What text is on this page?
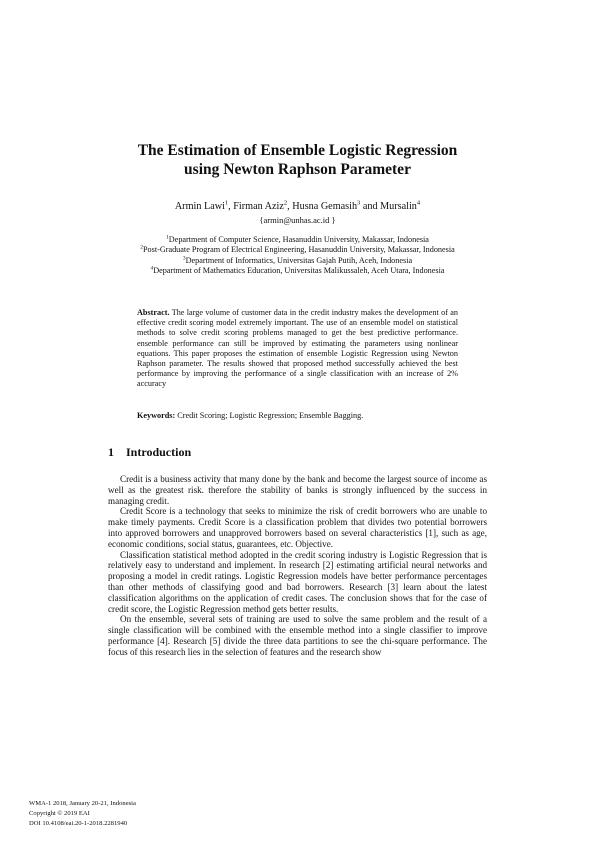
The Estimation of Ensemble Logistic Regression
using Newton Raphson Parameter
Armin Lawi$^1$, Firman Aziz$^2$, Husna Gemasih$^3$ and Mursalin$^4$
{armin@unhas.ac.id }
$^1$Department of Computer Science, Hasanuddin University, Makassar, Indonesia
$^2$Post-Graduate Program of Electrical Engineering, Hasanuddin University, Makassar, Indonesia
$^3$Department of Informatics, Universitas Gajah Putih, Aceh, Indonesia
$^4$Department of Mathematics Education, Universitas Malikussaleh, Aceh Utara, Indonesia
Abstract. The large volume of customer data in the credit industry makes the development of an effective credit scoring model extremely important. The use of an ensemble model on statistical methods to solve credit scoring problems managed to get the best predictive performance. ensemble performance can still be improved by estimating the parameters using nonlinear equations. This paper proposes the estimation of ensemble Logistic Regression using Newton Raphson parameter. The results showed that proposed method successfully achieved the best performance by improving the performance of a single classification with an increase of 2% accuracy
Keywords: Credit Scoring; Logistic Regression; Ensemble Bagging.
1 Introduction

Credit is a business activity that many done by the bank and become the largest source of income as well as the greatest risk. therefore the stability of banks is strongly influenced by the success in managing credit.

Credit Score is a technology that seeks to minimize the risk of credit borrowers who are unable to make timely payments. Credit Score is a classification problem that divides two potential borrowers into approved borrowers and unapproved borrowers based on several characteristics [1], such as age, economic conditions, social status, guarantees, etc. Objective.

Classification statistical method adopted in the credit scoring industry is Logistic Regression that is relatively easy to understand and implement. In research [2] estimating artificial neural networks and proposing a model in credit ratings. Logistic Regression models have better performance percentages than other methods of classifying good and bad borrowers. Research [3] learn about the latest classification algorithms on the application of credit cases. The conclusion shows that for the case of credit score, the Logistic Regression method gets better results.

On the ensemble, several sets of training are used to solve the same problem and the result of a single classification will be combined with the ensemble method into a single classifier to improve performance [4]. Research [5] divide the three data partitions to see the chi-square performance. The focus of this research lies in the selection of features and the research show

WMA-1 2018, January 20-21, Indonesia
Copyright © 2019 EAI
DOI 10.4108/eai.20-1-2018.2281940
